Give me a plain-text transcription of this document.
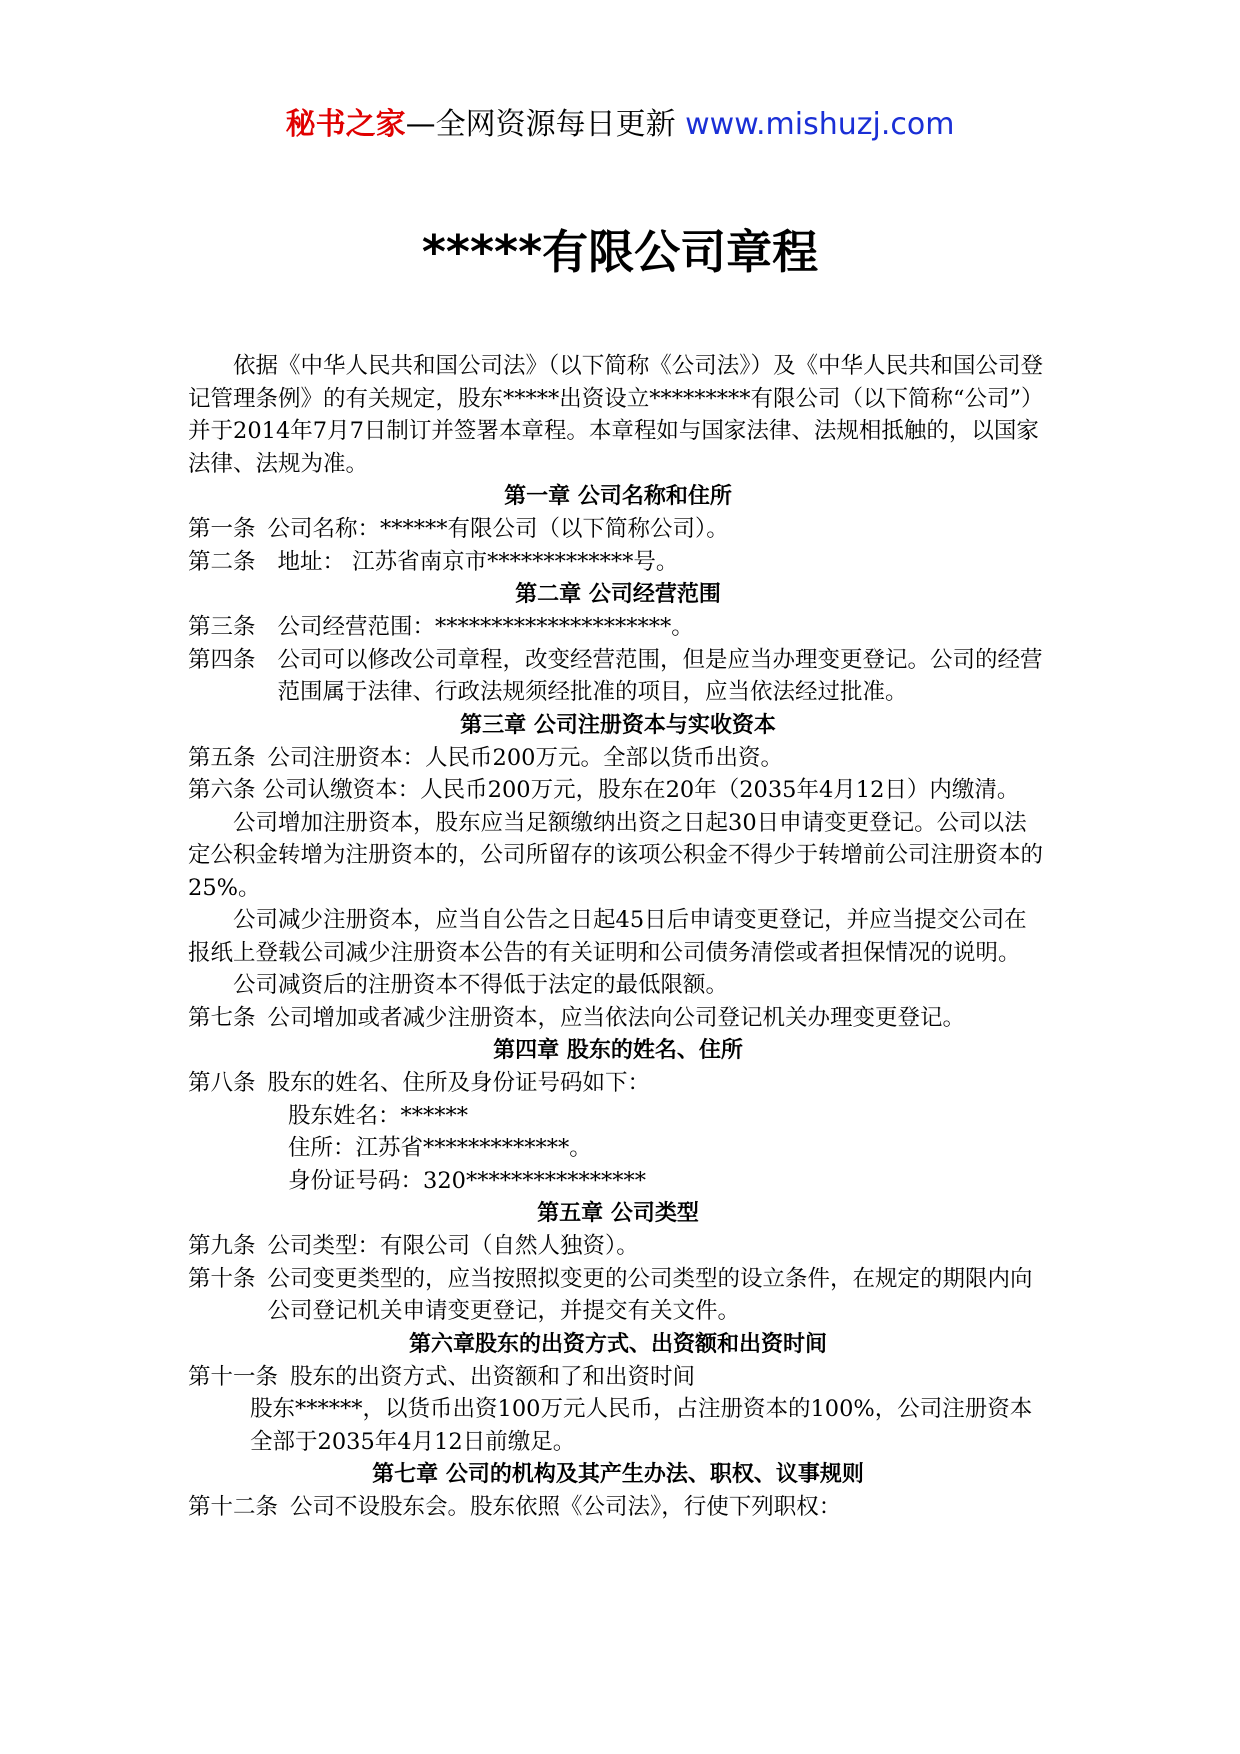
秘书之家—全网资源每日更新 www.mishuzj.com
*****有限公司章程

依据《中华人民共和国公司法》（以下简称《公司法》）及《中华人民共和国公司登记管理条例》的有关规定，股东*****出资设立*********有限公司（以下简称“公司”）并于2014年7月7日制订并签署本章程。本章程如与国家法律、法规相抵触的，以国家法律、法规为准。

第一章 公司名称和住所
第一条 公司名称：******有限公司（以下简称公司）。
第二条 地址： 江苏省南京市*************号。
第二章 公司经营范围
第三条 公司经营范围：*********************。
第四条 公司可以修改公司章程，改变经营范围，但是应当办理变更登记。公司的经营范围属于法律、行政法规须经批准的项目，应当依法经过批准。
第三章 公司注册资本与实收资本
第五条 公司注册资本：人民币200万元。全部以货币出资。

第六条 公司认缴资本：人民币200万元，股东在20年（2035年4月12日）内缴清。

公司增加注册资本，股东应当足额缴纳出资之日起30日申请变更登记。公司以法定公积金转增为注册资本的，公司所留存的该项公积金不得少于转增前公司注册资本的25%。

公司减少注册资本，应当自公告之日起45日后申请变更登记，并应当提交公司在报纸上登载公司减少注册资本公告的有关证明和公司债务清偿或者担保情况的说明。

公司减资后的注册资本不得低于法定的最低限额。

第七条 公司增加或者减少注册资本，应当依法向公司登记机关办理变更登记。
第四章 股东的姓名、住所
第八条 股东的姓名、住所及身份证号码如下：

股东姓名：******

住所：江苏省*************。

身份证号码：320****************

第五章 公司类型
第九条 公司类型：有限公司（自然人独资）。
第十条 公司变更类型的，应当按照拟变更的公司类型的设立条件，在规定的期限内向公司登记机关申请变更登记，并提交有关文件。
第六章股东的出资方式、出资额和出资时间
第十一条 股东的出资方式、出资额和了和出资时间

股东******，以货币出资100万元人民币，占注册资本的100%，公司注册资本全部于2035年4月12日前缴足。

第七章 公司的机构及其产生办法、职权、议事规则
第十二条 公司不设股东会。股东依照《公司法》，行使下列职权：
